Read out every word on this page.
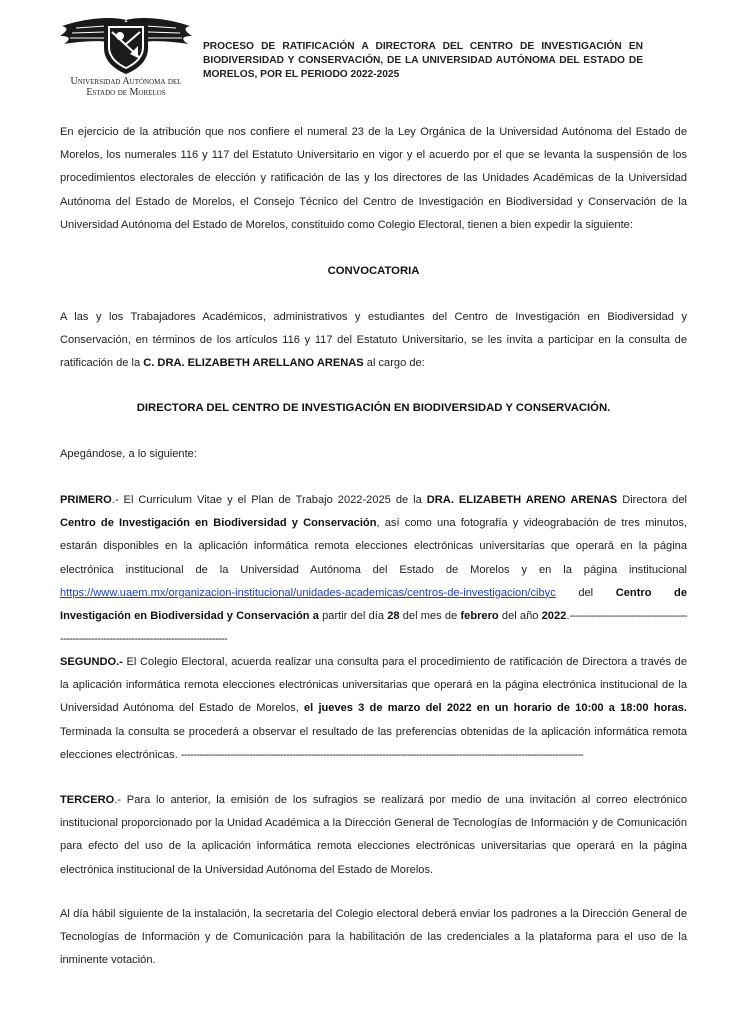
Universidad Autónoma del
Estado de Morelos
PROCESO DE RATIFICACIÓN A DIRECTORA DEL CENTRO DE INVESTIGACIÓN EN BIODIVERSIDAD Y CONSERVACIÓN, DE LA UNIVERSIDAD AUTÓNOMA DEL ESTADO DE MORELOS, POR EL PERIODO 2022-2025
En ejercicio de la atribución que nos confiere el numeral 23 de la Ley Orgánica de la Universidad Autónoma del Estado de Morelos, los numerales 116 y 117 del Estatuto Universitario en vigor y el acuerdo por el que se levanta la suspensión de los procedimientos electorales de elección y ratificación de las y los directores de las Unidades Académicas de la Universidad Autónoma del Estado de Morelos, el Consejo Técnico del Centro de Investigación en Biodiversidad y Conservación de la Universidad Autónoma del Estado de Morelos, constituido como Colegio Electoral, tienen a bien expedir la siguiente:
CONVOCATORIA
A las y los Trabajadores Académicos, administrativos y estudiantes del Centro de Investigación en Biodiversidad y Conservación, en términos de los artículos 116 y 117 del Estatuto Universitario, se les invita a participar en la consulta de ratificación de la C. DRA. ELIZABETH ARELLANO ARENAS al cargo de:
DIRECTORA DEL CENTRO DE INVESTIGACIÓN EN BIODIVERSIDAD Y CONSERVACIÓN.
Apegándose, a lo siguiente:
PRIMERO.- El Curriculum Vitae y el Plan de Trabajo 2022-2025 de la DRA. ELIZABETH ARENO ARENAS Directora del Centro de Investigación en Biodiversidad y Conservación, así como una fotografía y videograbación de tres minutos, estarán disponibles en la aplicación informática remota elecciones electrónicas universitarias que operará en la página electrónica institucional de la Universidad Autónoma del Estado de Morelos y en la página institucional https://www.uaem.mx/organizacion-institucional/unidades-academicas/centros-de-investigacion/cibyc del Centro de Investigación en Biodiversidad y Conservación a partir del día 28 del mes de febrero del año 2022.--------------------------------------------------------------------------------------------
SEGUNDO.- El Colegio Electoral, acuerda realizar una consulta para el procedimiento de ratificación de Directora a través de la aplicación informática remota elecciones electrónicas universitarias que operará en la página electrónica institucional de la Universidad Autónoma del Estado de Morelos, el jueves 3 de marzo del 2022 en un horario de 10:00 a 18:00 horas. Terminada la consulta se procederá a observar el resultado de las preferencias obtenidas de la aplicación informática remota elecciones electrónicas. ----------------------------------------------------------------------------------------------------------------------------------
TERCERO.- Para lo anterior, la emisión de los sufragios se realizará por medio de una invitación al correo electrónico institucional proporcionado por la Unidad Académica a la Dirección General de Tecnologías de Información y de Comunicación para efecto del uso de la aplicación informática remota elecciones electrónicas universitarias que operará en la página electrónica institucional de la Universidad Autónoma del Estado de Morelos.
Al día hábil siguiente de la instalación, la secretaria del Colegio electoral deberá enviar los padrones a la Dirección General de Tecnologías de Información y de Comunicación para la habilitación de las credenciales a la plataforma para el uso de la inminente votación.
